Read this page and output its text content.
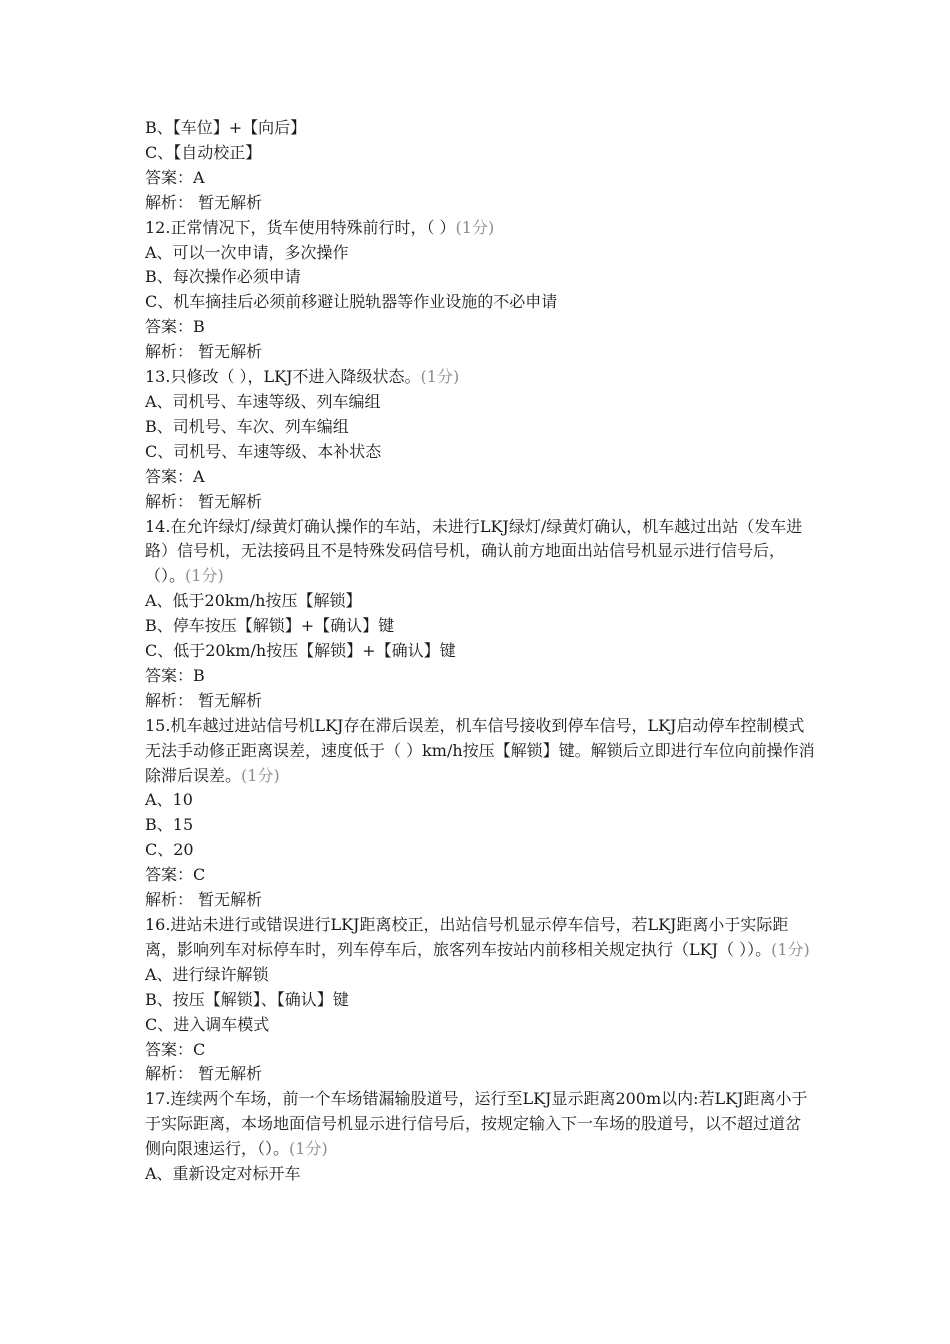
B、【车位】+【向后】
C、【自动校正】
答案：A
解析： 暂无解析
12.正常情况下，货车使用特殊前行时，（ ）(1分)
A、可以一次申请，多次操作
B、每次操作必须申请
C、机车摘挂后必须前移避让脱轨器等作业设施的不必申请
答案：B
解析： 暂无解析
13.只修改（ ），LKJ不进入降级状态。(1分)
A、司机号、车速等级、列车编组
B、司机号、车次、列车编组
C、司机号、车速等级、本补状态
答案：A
解析： 暂无解析
14.在允许绿灯/绿黄灯确认操作的车站，未进行LKJ绿灯/绿黄灯确认，机车越过出站（发车进路）信号机，无法接码且不是特殊发码信号机，确认前方地面出站信号机显示进行信号后，（）。(1分)
A、低于20km/h按压【解锁】
B、停车按压【解锁】+【确认】键
C、低于20km/h按压【解锁】+【确认】键
答案：B
解析： 暂无解析
15.机车越过进站信号机LKJ存在滞后误差，机车信号接收到停车信号，LKJ启动停车控制模式无法手动修正距离误差，速度低于（ ）km/h按压【解锁】键。解锁后立即进行车位向前操作消除滞后误差。(1分)
A、10
B、15
C、20
答案：C
解析： 暂无解析
16.进站未进行或错误进行LKJ距离校正，出站信号机显示停车信号，若LKJ距离小于实际距离，影响列车对标停车时，列车停车后，旅客列车按站内前移相关规定执行（LKJ（ ））。(1分)
A、进行绿许解锁
B、按压【解锁】、【确认】键
C、进入调车模式
答案：C
解析： 暂无解析
17.连续两个车场，前一个车场错漏输股道号，运行至LKJ显示距离200m以内:若LKJ距离小于于实际距离，本场地面信号机显示进行信号后，按规定输入下一车场的股道号，以不超过道岔侧向限速运行，（）。(1分)
A、重新设定对标开车
